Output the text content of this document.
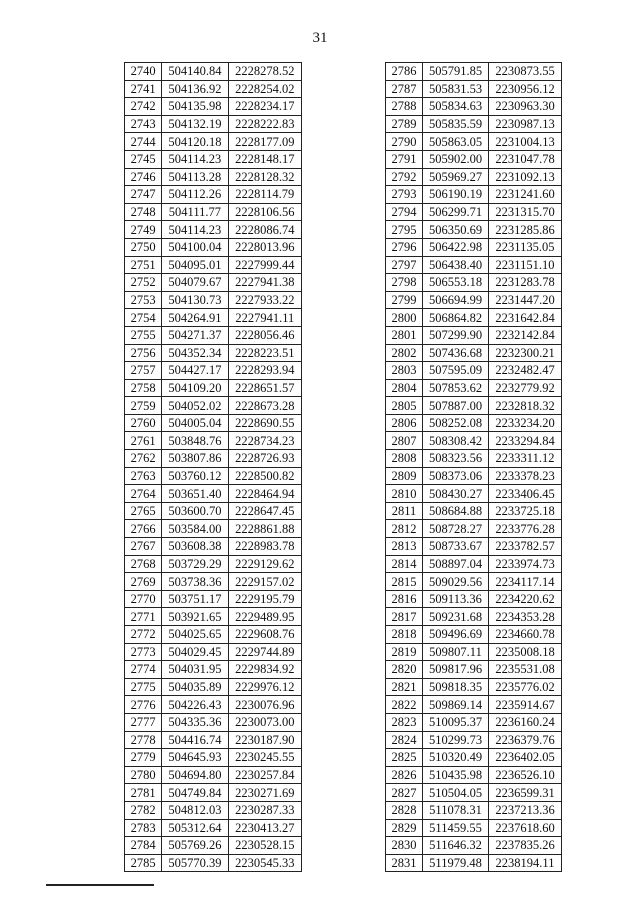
31
2740	504140.84	2228278.52
2741	504136.92	2228254.02
2742	504135.98	2228234.17
2743	504132.19	2228222.83
2744	504120.18	2228177.09
2745	504114.23	2228148.17
2746	504113.28	2228128.32
2747	504112.26	2228114.79
2748	504111.77	2228106.56
2749	504114.23	2228086.74
2750	504100.04	2228013.96
2751	504095.01	2227999.44
2752	504079.67	2227941.38
2753	504130.73	2227933.22
2754	504264.91	2227941.11
2755	504271.37	2228056.46
2756	504352.34	2228223.51
2757	504427.17	2228293.94
2758	504109.20	2228651.57
2759	504052.02	2228673.28
2760	504005.04	2228690.55
2761	503848.76	2228734.23
2762	503807.86	2228726.93
2763	503760.12	2228500.82
2764	503651.40	2228464.94
2765	503600.70	2228647.45
2766	503584.00	2228861.88
2767	503608.38	2228983.78
2768	503729.29	2229129.62
2769	503738.36	2229157.02
2770	503751.17	2229195.79
2771	503921.65	2229489.95
2772	504025.65	2229608.76
2773	504029.45	2229744.89
2774	504031.95	2229834.92
2775	504035.89	2229976.12
2776	504226.43	2230076.96
2777	504335.36	2230073.00
2778	504416.74	2230187.90
2779	504645.93	2230245.55
2780	504694.80	2230257.84
2781	504749.84	2230271.69
2782	504812.03	2230287.33
2783	505312.64	2230413.27
2784	505769.26	2230528.15
2785	505770.39	2230545.33
2786	505791.85	2230873.55
2787	505831.53	2230956.12
2788	505834.63	2230963.30
2789	505835.59	2230987.13
2790	505863.05	2231004.13
2791	505902.00	2231047.78
2792	505969.27	2231092.13
2793	506190.19	2231241.60
2794	506299.71	2231315.70
2795	506350.69	2231285.86
2796	506422.98	2231135.05
2797	506438.40	2231151.10
2798	506553.18	2231283.78
2799	506694.99	2231447.20
2800	506864.82	2231642.84
2801	507299.90	2232142.84
2802	507436.68	2232300.21
2803	507595.09	2232482.47
2804	507853.62	2232779.92
2805	507887.00	2232818.32
2806	508252.08	2233234.20
2807	508308.42	2233294.84
2808	508323.56	2233311.12
2809	508373.06	2233378.23
2810	508430.27	2233406.45
2811	508684.88	2233725.18
2812	508728.27	2233776.28
2813	508733.67	2233782.57
2814	508897.04	2233974.73
2815	509029.56	2234117.14
2816	509113.36	2234220.62
2817	509231.68	2234353.28
2818	509496.69	2234660.78
2819	509807.11	2235008.18
2820	509817.96	2235531.08
2821	509818.35	2235776.02
2822	509869.14	2235914.67
2823	510095.37	2236160.24
2824	510299.73	2236379.76
2825	510320.49	2236402.05
2826	510435.98	2236526.10
2827	510504.05	2236599.31
2828	511078.31	2237213.36
2829	511459.55	2237618.60
2830	511646.32	2237835.26
2831	511979.48	2238194.11
